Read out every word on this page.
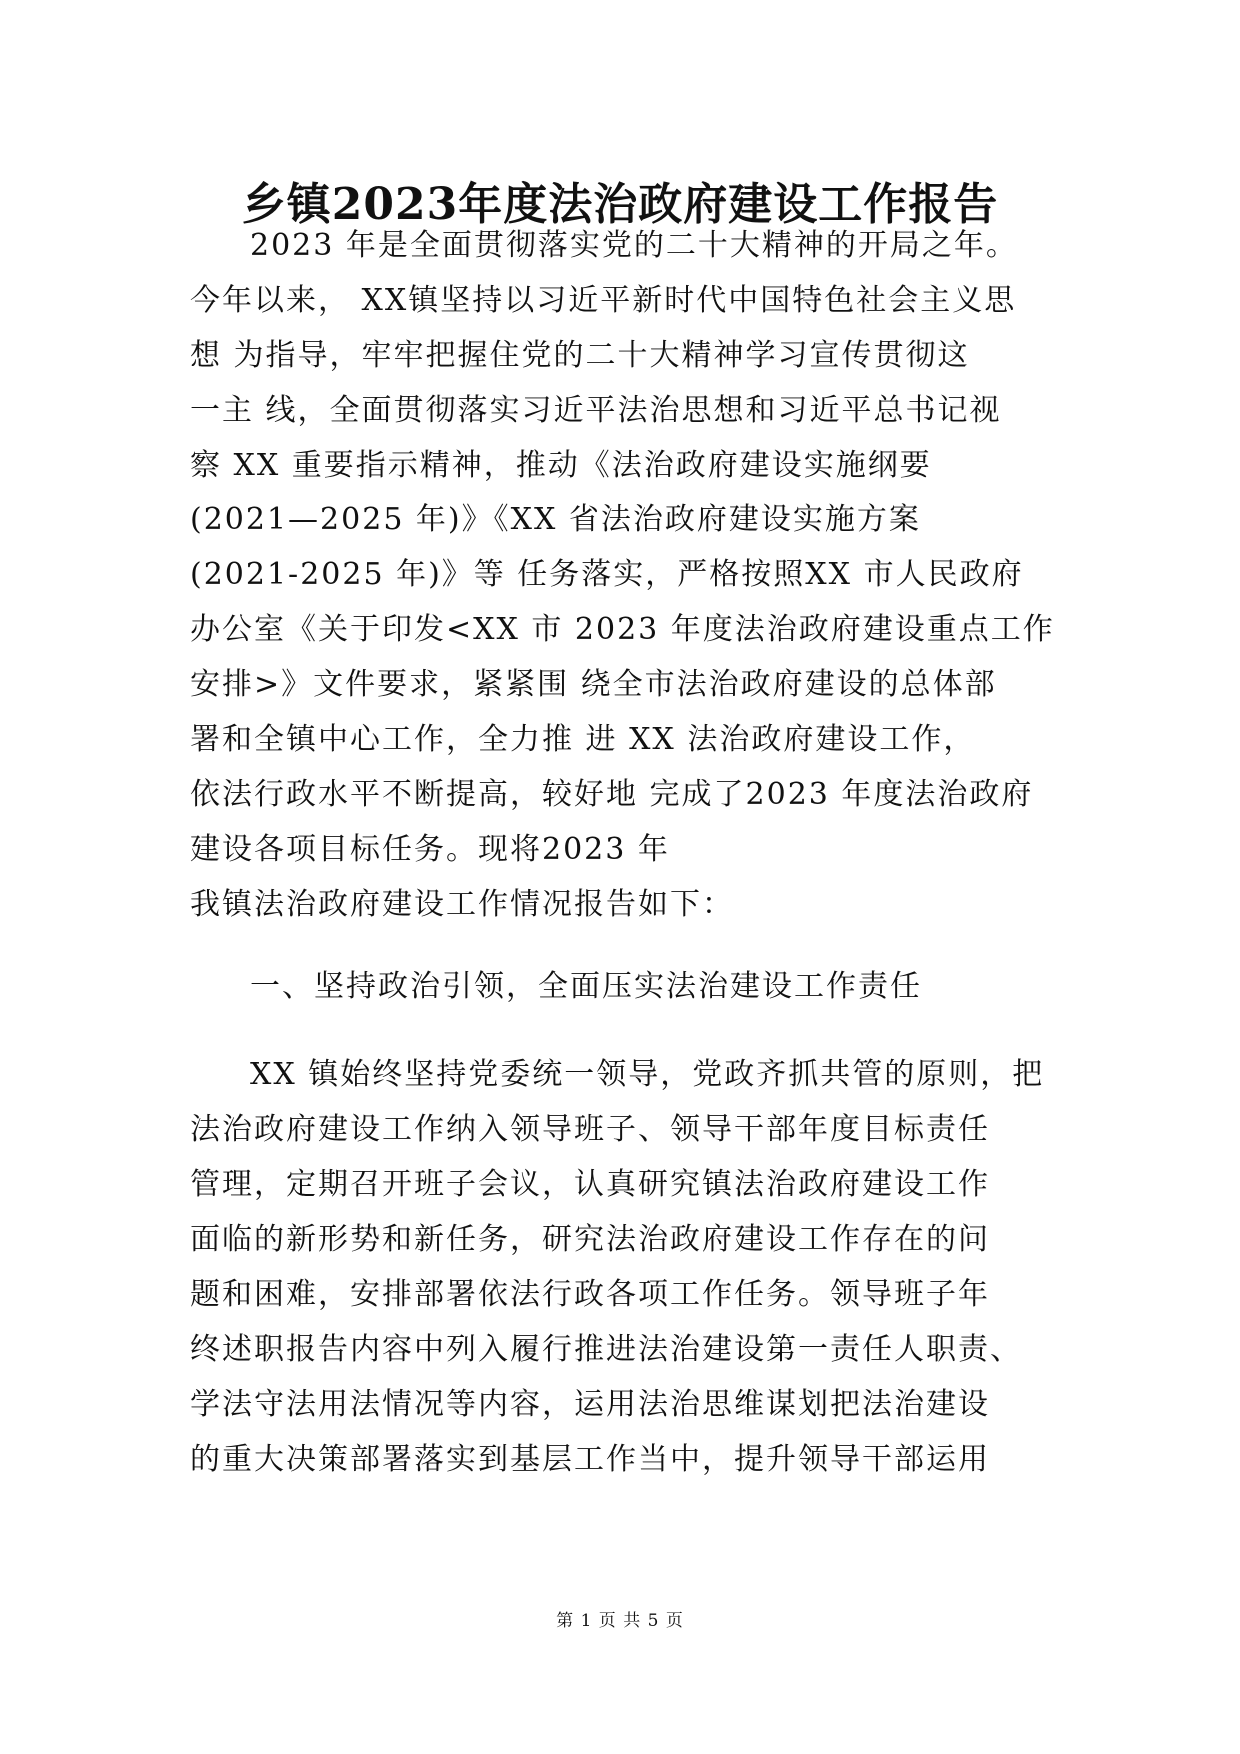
乡镇2023年度法治政府建设工作报告

2023 年是全面贯彻落实党的二十大精神的开局之年。

今年以来， XX镇坚持以习近平新时代中国特色社会主义思

想 为指导，牢牢把握住党的二十大精神学习宣传贯彻这

一主 线，全面贯彻落实习近平法治思想和习近平总书记视

察 XX 重要指示精神，推动《法治政府建设实施纲要

(2021—2025 年)》《XX 省法治政府建设实施方案

(2021-2025 年)》等 任务落实，严格按照XX 市人民政府

办公室《关于印发<XX 市 2023 年度法治政府建设重点工作

安排>》文件要求，紧紧围 绕全市法治政府建设的总体部

署和全镇中心工作，全力推 进 XX 法治政府建设工作，

依法行政水平不断提高，较好地 完成了2023 年度法治政府

建设各项目标任务。现将2023 年

我镇法治政府建设工作情况报告如下：

一、坚持政治引领，全面压实法治建设工作责任

XX 镇始终坚持党委统一领导，党政齐抓共管的原则，把

法治政府建设工作纳入领导班子、领导干部年度目标责任

管理，定期召开班子会议，认真研究镇法治政府建设工作

面临的新形势和新任务，研究法治政府建设工作存在的问

题和困难，安排部署依法行政各项工作任务。领导班子年

终述职报告内容中列入履行推进法治建设第一责任人职责、

学法守法用法情况等内容，运用法治思维谋划把法治建设

的重大决策部署落实到基层工作当中，提升领导干部运用

第 1 页 共 5 页
